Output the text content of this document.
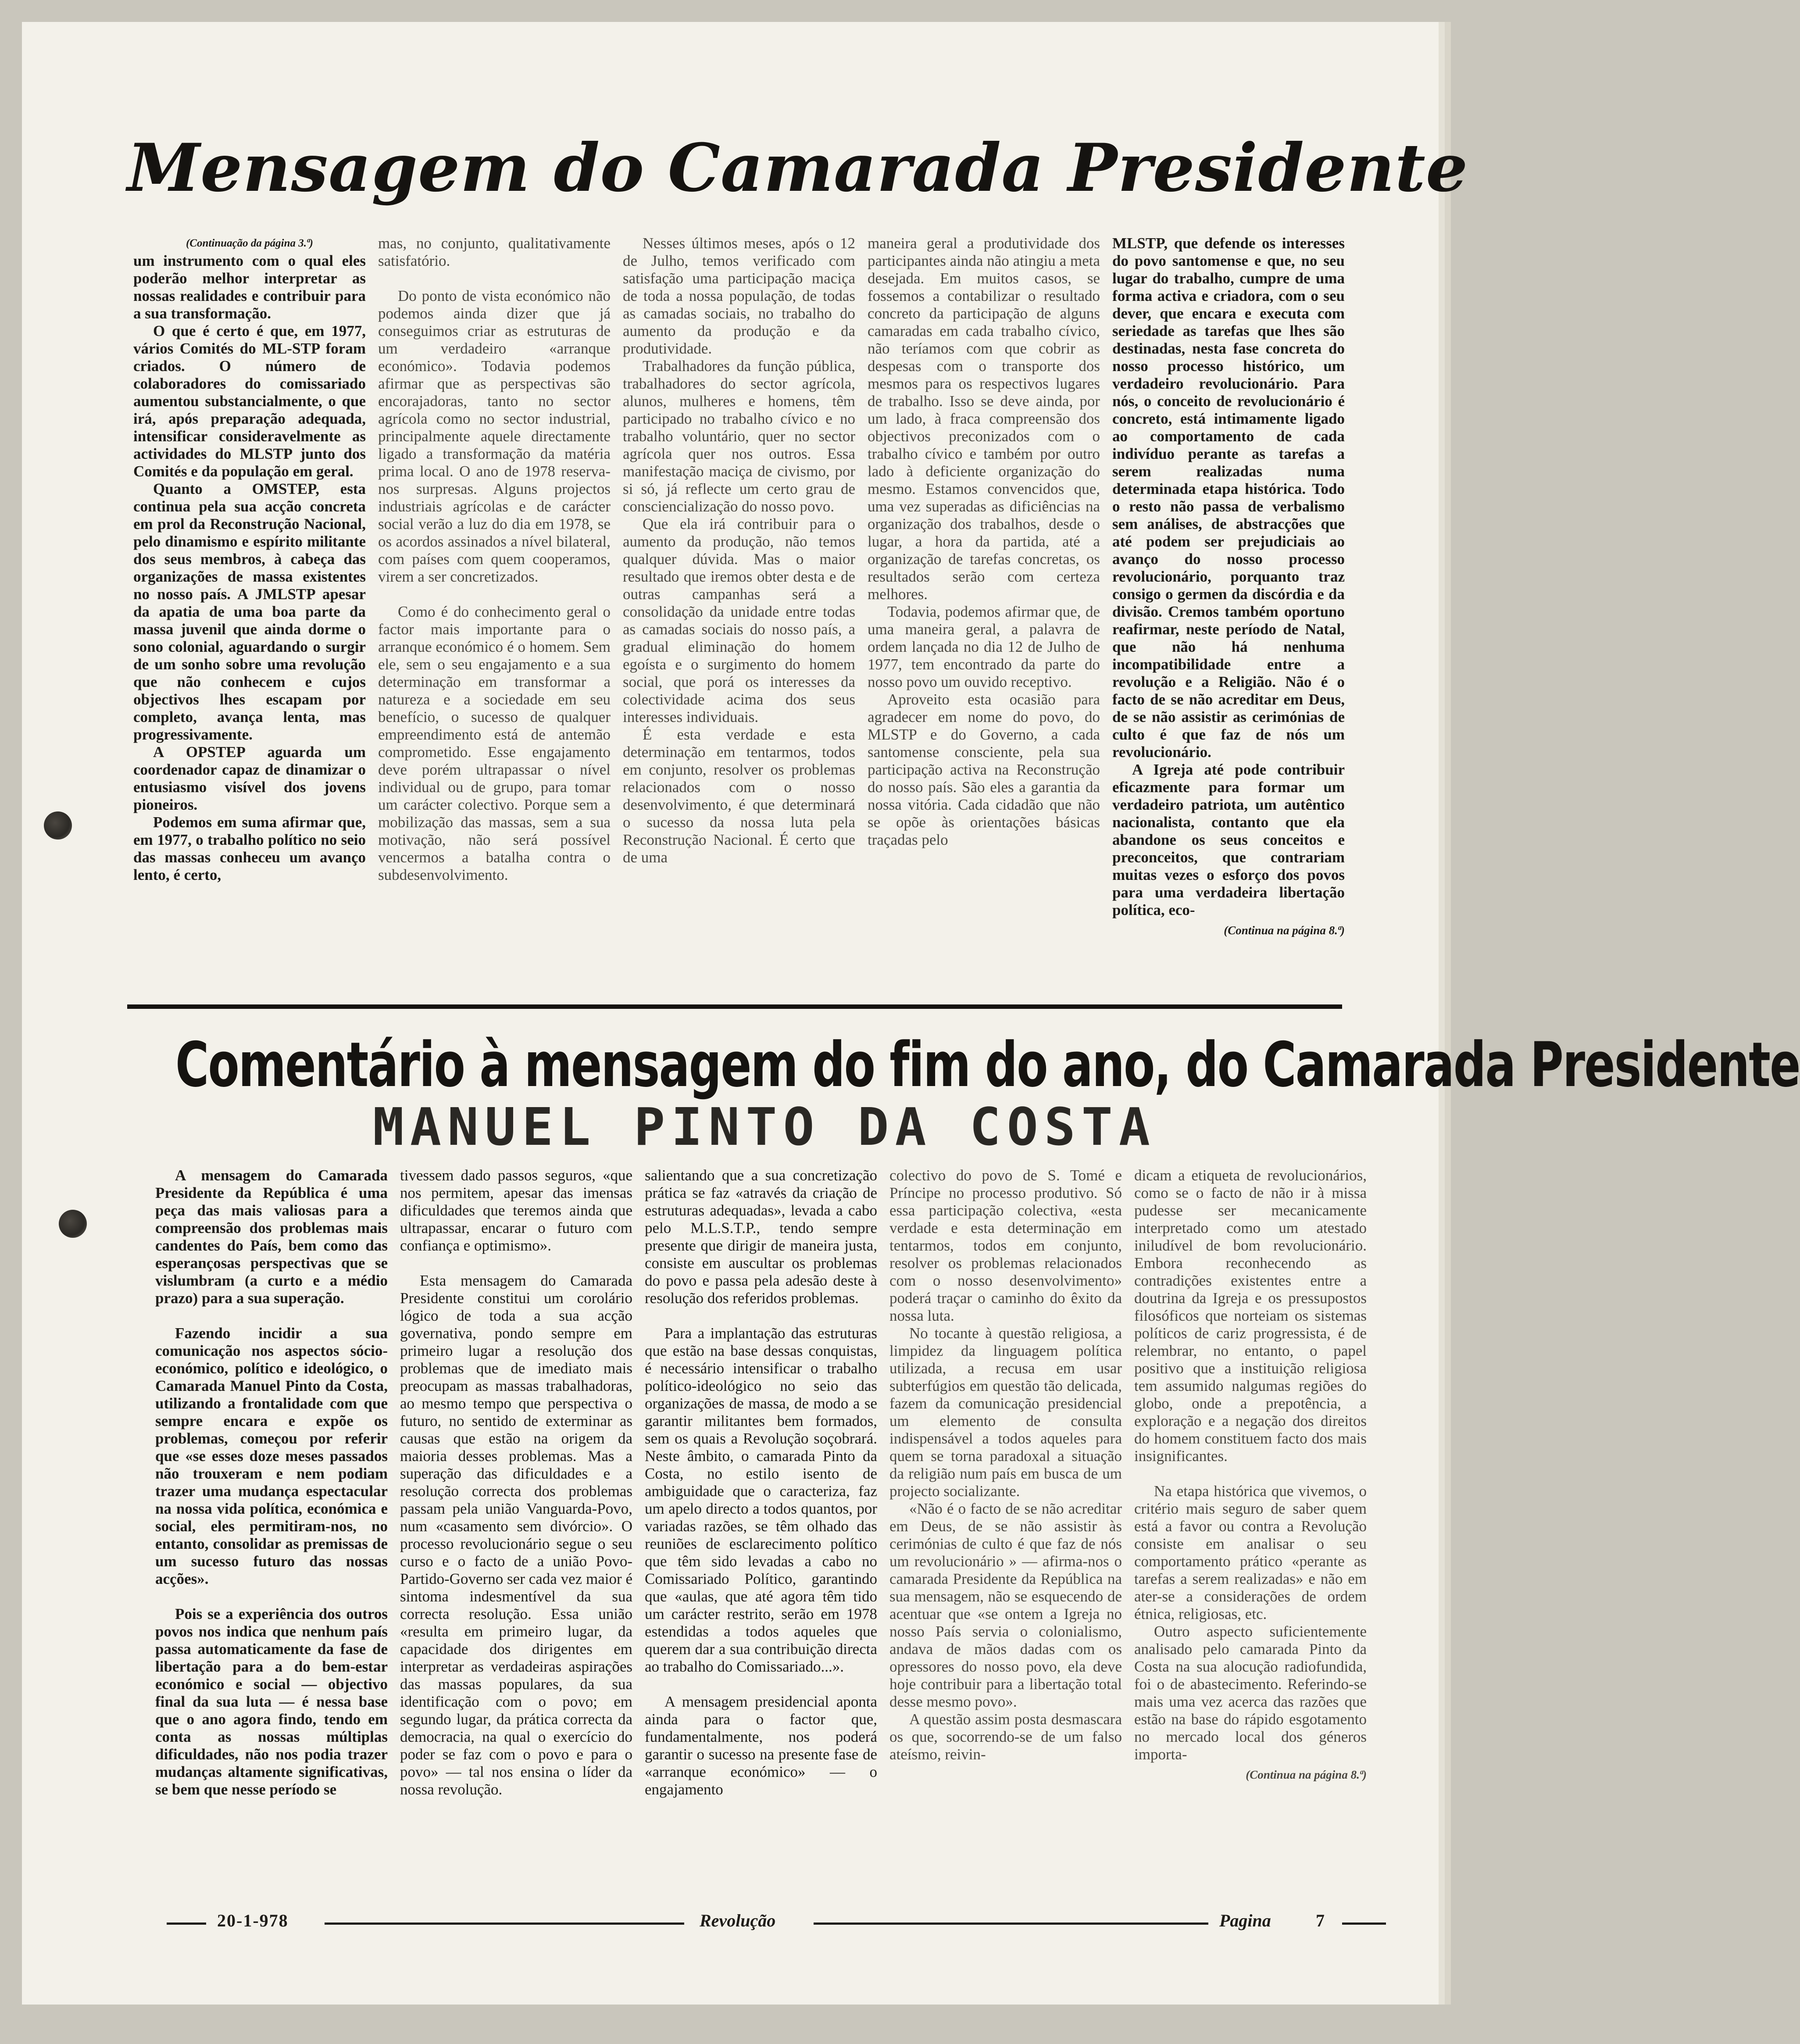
Mensagem do Camarada Presidente
(Continuação da página 3.ª)

um instrumento com o qual eles poderão melhor interpretar as nossas realidades e contribuir para a sua transformação.

O que é certo é que, em 1977, vários Comités do ML-STP foram criados. O número de colaboradores do comissariado aumentou substancialmente, o que irá, após preparação adequada, intensificar consideravelmente as actividades do MLSTP junto dos Comités e da população em geral.

Quanto a OMSTEP, esta continua pela sua acção concreta em prol da Reconstrução Nacional, pelo dinamismo e espírito militante dos seus membros, à cabeça das organizações de massa existentes no nosso país. A JMLSTP apesar da apatia de uma boa parte da massa juvenil que ainda dorme o sono colonial, aguardando o surgir de um sonho sobre uma revolução que não conhecem e cujos objectivos lhes escapam por completo, avança lenta, mas progressivamente.

A OPSTEP aguarda um coordenador capaz de dinamizar o entusiasmo visível dos jovens pioneiros.

Podemos em suma afirmar que, em 1977, o trabalho político no seio das massas conheceu um avanço lento, é certo,

mas, no conjunto, qualitativamente satisfatório.

Do ponto de vista económico não podemos ainda dizer que já conseguimos criar as estruturas de um verdadeiro «arranque económico». Todavia podemos afirmar que as perspectivas são encorajadoras, tanto no sector agrícola como no sector industrial, principalmente aquele directamente ligado a transformação da matéria prima local. O ano de 1978 reserva-nos surpresas. Alguns projectos industriais agrícolas e de carácter social verão a luz do dia em 1978, se os acordos assinados a nível bilateral, com países com quem cooperamos, virem a ser concretizados.

Como é do conhecimento geral o factor mais importante para o arranque económico é o homem. Sem ele, sem o seu engajamento e a sua determinação em transformar a natureza e a sociedade em seu benefício, o sucesso de qualquer empreendimento está de antemão comprometido. Esse engajamento deve porém ultrapassar o nível individual ou de grupo, para tomar um carácter colectivo. Porque sem a mobilização das massas, sem a sua motivação, não será possível vencermos a batalha contra o subdesenvolvimento.

Nesses últimos meses, após o 12 de Julho, temos verificado com satisfação uma participação maciça de toda a nossa população, de todas as camadas sociais, no trabalho do aumento da produção e da produtividade.

Trabalhadores da função pública, trabalhadores do sector agrícola, alunos, mulheres e homens, têm participado no trabalho cívico e no trabalho voluntário, quer no sector agrícola quer nos outros. Essa manifestação maciça de civismo, por si só, já reflecte um certo grau de consciencialização do nosso povo.

Que ela irá contribuir para o aumento da produção, não temos qualquer dúvida. Mas o maior resultado que iremos obter desta e de outras campanhas será a consolidação da unidade entre todas as camadas sociais do nosso país, a gradual eliminação do homem egoísta e o surgimento do homem social, que porá os interesses da colectividade acima dos seus interesses individuais.

É esta verdade e esta determinação em tentarmos, todos em conjunto, resolver os problemas relacionados com o nosso desenvolvimento, é que determinará o sucesso da nossa luta pela Reconstrução Nacional. É certo que de uma

maneira geral a produtividade dos participantes ainda não atingiu a meta desejada. Em muitos casos, se fossemos a contabilizar o resultado concreto da participação de alguns camaradas em cada trabalho cívico, não teríamos com que cobrir as despesas com o transporte dos mesmos para os respectivos lugares de trabalho. Isso se deve ainda, por um lado, à fraca compreensão dos objectivos preconizados com o trabalho cívico e também por outro lado à deficiente organização do mesmo. Estamos convencidos que, uma vez superadas as dificiências na organização dos trabalhos, desde o lugar, a hora da partida, até a organização de tarefas concretas, os resultados serão com certeza melhores.

Todavia, podemos afirmar que, de uma maneira geral, a palavra de ordem lançada no dia 12 de Julho de 1977, tem encontrado da parte do nosso povo um ouvido receptivo.

Aproveito esta ocasião para agradecer em nome do povo, do MLSTP e do Governo, a cada santomense consciente, pela sua participação activa na Reconstrução do nosso país. São eles a garantia da nossa vitória. Cada cidadão que não se opõe às orientações básicas traçadas pelo

MLSTP, que defende os interesses do povo santomense e que, no seu lugar do trabalho, cumpre de uma forma activa e criadora, com o seu dever, que encara e executa com seriedade as tarefas que lhes são destinadas, nesta fase concreta do nosso processo histórico, um verdadeiro revolucionário. Para nós, o conceito de revolucionário é concreto, está intimamente ligado ao comportamento de cada indivíduo perante as tarefas a serem realizadas numa determinada etapa histórica. Todo o resto não passa de verbalismo sem análises, de abstracções que até podem ser prejudiciais ao avanço do nosso processo revolucionário, porquanto traz consigo o germen da discórdia e da divisão. Cremos também oportuno reafirmar, neste período de Natal, que não há nenhuma incompatibilidade entre a revolução e a Religião. Não é o facto de se não acreditar em Deus, de se não assistir as cerimónias de culto é que faz de nós um revolucionário.

A Igreja até pode contribuir eficazmente para formar um verdadeiro patriota, um autêntico nacionalista, contanto que ela abandone os seus conceitos e preconceitos, que contrariam muitas vezes o esforço dos povos para uma verdadeira libertação política, eco-

(Continua na página 8.ª)
Comentário à mensagem do fim do ano, do Camarada Presidente
MANUEL PINTO DA COSTA

A mensagem do Camarada Presidente da República é uma peça das mais valiosas para a compreensão dos problemas mais candentes do País, bem como das esperançosas perspectivas que se vislumbram (a curto e a médio prazo) para a sua superação.

Fazendo incidir a sua comunicação nos aspectos sócio-económico, político e ideológico, o Camarada Manuel Pinto da Costa, utilizando a frontalidade com que sempre encara e expõe os problemas, começou por referir que «se esses doze meses passados não trouxeram e nem podiam trazer uma mudança espectacular na nossa vida política, económica e social, eles permitiram-nos, no entanto, consolidar as premissas de um sucesso futuro das nossas acções».

Pois se a experiência dos outros povos nos indica que nenhum país passa automaticamente da fase de libertação para a do bem-estar económico e social — objectivo final da sua luta — é nessa base que o ano agora findo, tendo em conta as nossas múltiplas dificuldades, não nos podia trazer mudanças altamente significativas, se bem que nesse período se

tivessem dado passos seguros, «que nos permitem, apesar das imensas dificuldades que teremos ainda que ultrapassar, encarar o futuro com confiança e optimismo».

Esta mensagem do Camarada Presidente constitui um corolário lógico de toda a sua acção governativa, pondo sempre em primeiro lugar a resolução dos problemas que de imediato mais preocupam as massas trabalhadoras, ao mesmo tempo que perspectiva o futuro, no sentido de exterminar as causas que estão na origem da maioria desses problemas. Mas a superação das dificuldades e a resolução correcta dos problemas passam pela união Vanguarda-Povo, num «casamento sem divórcio». O processo revolucionário segue o seu curso e o facto de a união Povo-Partido-Governo ser cada vez maior é sintoma indesmentível da sua correcta resolução. Essa união «resulta em primeiro lugar, da capacidade dos dirigentes em interpretar as verdadeiras aspirações das massas populares, da sua identificação com o povo; em segundo lugar, da prática correcta da democracia, na qual o exercício do poder se faz com o povo e para o povo» — tal nos ensina o líder da nossa revolução.

salientando que a sua concretização prática se faz «através da criação de estruturas adequadas», levada a cabo pelo M.L.S.T.P., tendo sempre presente que dirigir de maneira justa, consiste em auscultar os problemas do povo e passa pela adesão deste à resolução dos referidos problemas.

Para a implantação das estruturas que estão na base dessas conquistas, é necessário intensificar o trabalho político-ideológico no seio das organizações de massa, de modo a se garantir militantes bem formados, sem os quais a Revolução soçobrará. Neste âmbito, o camarada Pinto da Costa, no estilo isento de ambiguidade que o caracteriza, faz um apelo directo a todos quantos, por variadas razões, se têm olhado das reuniões de esclarecimento político que têm sido levadas a cabo no Comissariado Político, garantindo que «aulas, que até agora têm tido um carácter restrito, serão em 1978 estendidas a todos aqueles que querem dar a sua contribuição directa ao trabalho do Comissariado...».

A mensagem presidencial aponta ainda para o factor que, fundamentalmente, nos poderá garantir o sucesso na presente fase de «arranque económico» — o engajamento

colectivo do povo de S. Tomé e Príncipe no processo produtivo. Só essa participação colectiva, «esta verdade e esta determinação em tentarmos, todos em conjunto, resolver os problemas relacionados com o nosso desenvolvimento» poderá traçar o caminho do êxito da nossa luta.

No tocante à questão religiosa, a limpidez da linguagem política utilizada, a recusa em usar subterfúgios em questão tão delicada, fazem da comunicação presidencial um elemento de consulta indispensável a todos aqueles para quem se torna paradoxal a situação da religião num país em busca de um projecto socializante.

«Não é o facto de se não acreditar em Deus, de se não assistir às cerimónias de culto é que faz de nós um revolucionário » — afirma-nos o camarada Presidente da República na sua mensagem, não se esquecendo de acentuar que «se ontem a Igreja no nosso País servia o colonialismo, andava de mãos dadas com os opressores do nosso povo, ela deve hoje contribuir para a libertação total desse mesmo povo».

A questão assim posta desmascara os que, socorrendo-se de um falso ateísmo, reivin-

dicam a etiqueta de revolucionários, como se o facto de não ir à missa pudesse ser mecanicamente interpretado como um atestado iniludível de bom revolucionário. Embora reconhecendo as contradições existentes entre a doutrina da Igreja e os pressupostos filosóficos que norteiam os sistemas políticos de cariz progressista, é de relembrar, no entanto, o papel positivo que a instituição religiosa tem assumido nalgumas regiões do globo, onde a prepotência, a exploração e a negação dos direitos do homem constituem facto dos mais insignificantes.

Na etapa histórica que vivemos, o critério mais seguro de saber quem está a favor ou contra a Revolução consiste em analisar o seu comportamento prático «perante as tarefas a serem realizadas» e não em ater-se a considerações de ordem étnica, religiosas, etc.

Outro aspecto suficientemente analisado pelo camarada Pinto da Costa na sua alocução radiofundida, foi o de abastecimento. Referindo-se mais uma vez acerca das razões que estão na base do rápido esgotamento no mercado local dos géneros importa-

(Continua na página 8.ª)
20-1-978	Revolução	Pagina	7
